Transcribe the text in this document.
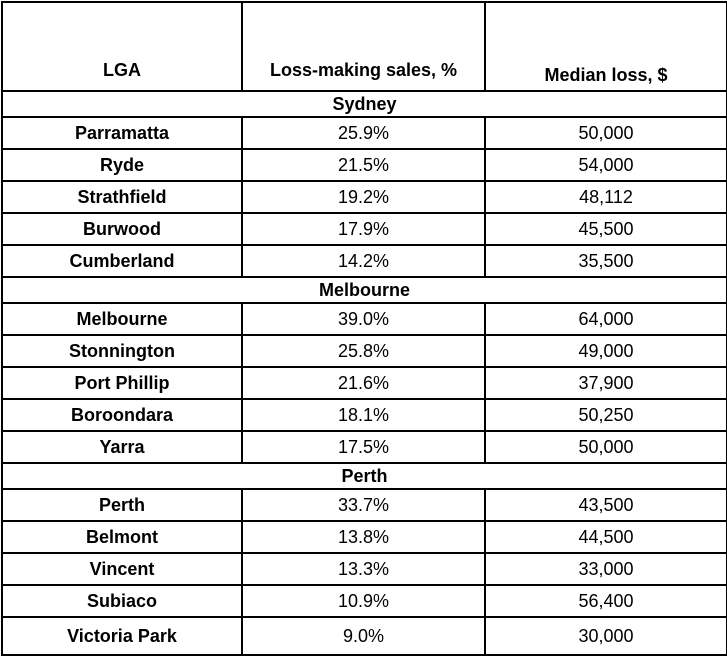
LGA	Loss-making sales, %	Median loss, $
Sydney		
Parramatta	25.9%	50,000
Ryde	21.5%	54,000
Strathfield	19.2%	48,112
Burwood	17.9%	45,500
Cumberland	14.2%	35,500
Melbourne		
Melbourne	39.0%	64,000
Stonnington	25.8%	49,000
Port Phillip	21.6%	37,900
Boroondara	18.1%	50,250
Yarra	17.5%	50,000
Perth		
Perth	33.7%	43,500
Belmont	13.8%	44,500
Vincent	13.3%	33,000
Subiaco	10.9%	56,400
Victoria Park	9.0%	30,000
